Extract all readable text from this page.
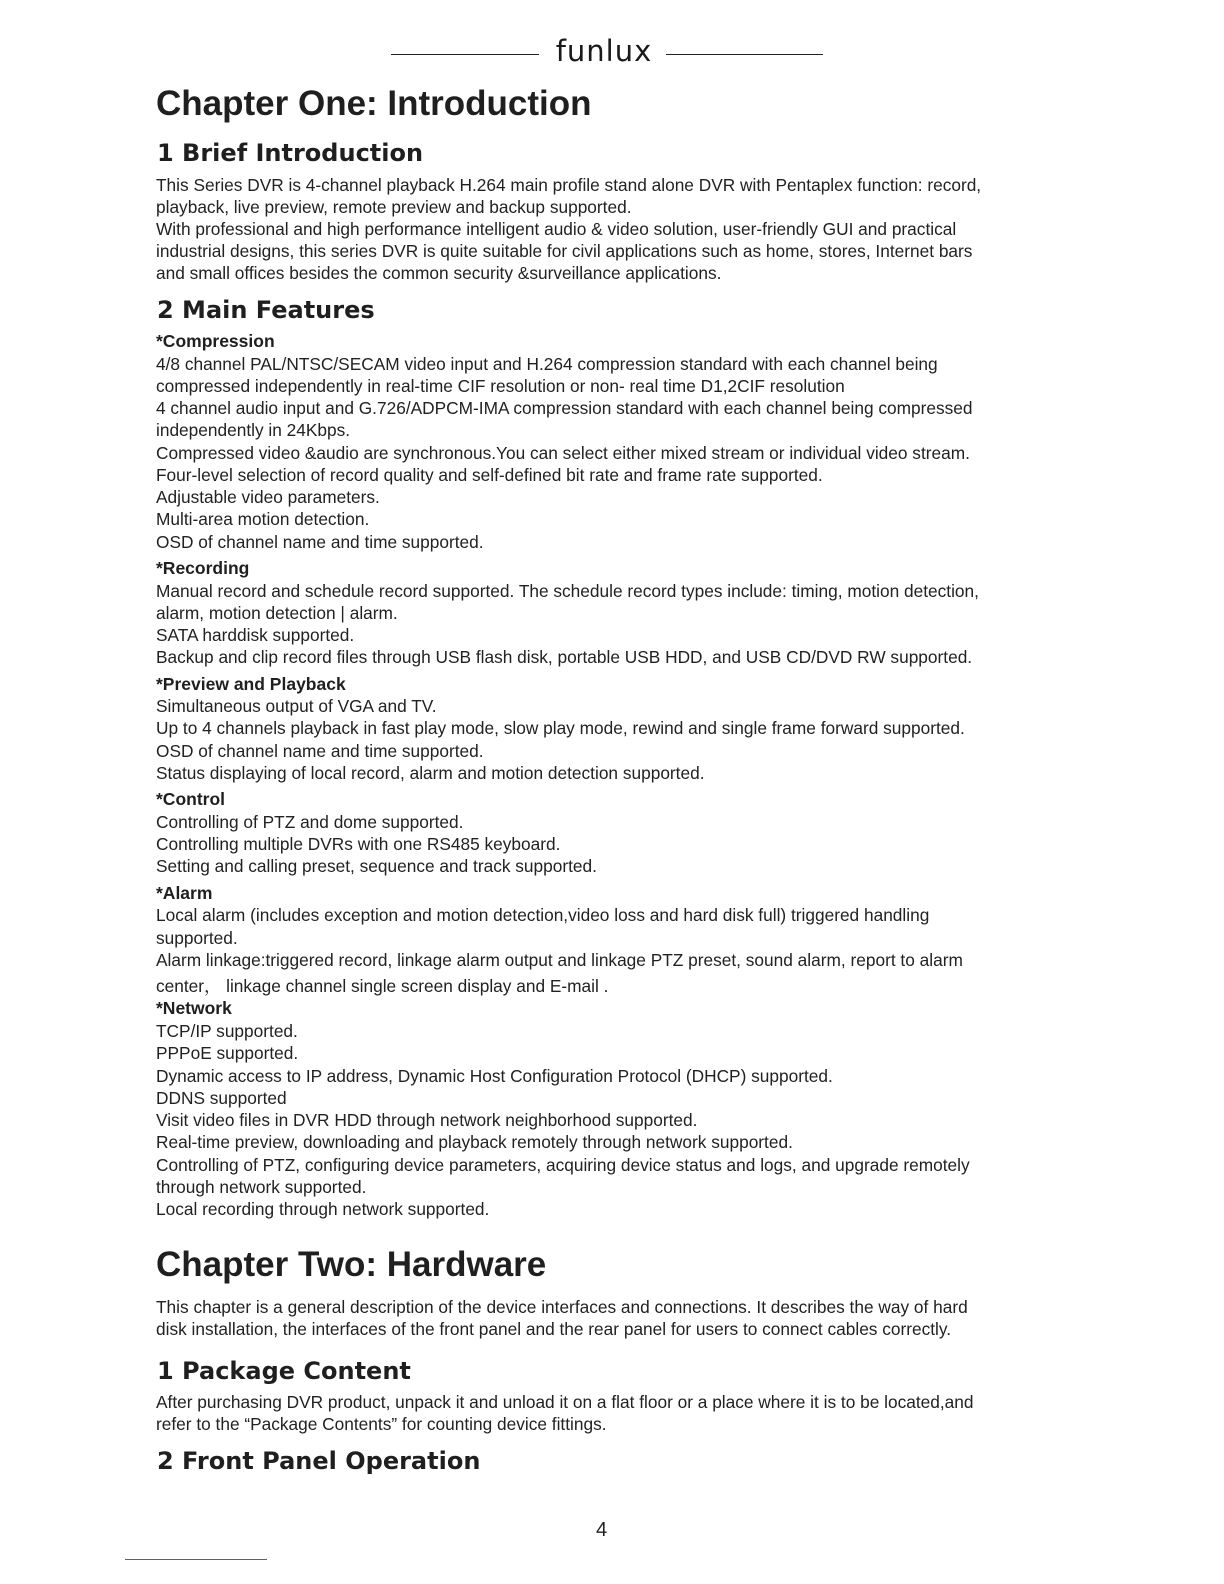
funlux
Chapter One: Introduction
1 Brief Introduction

This Series DVR is 4-channel playback H.264 main profile stand alone DVR with Pentaplex function: record,

playback, live preview, remote preview and backup supported.

With professional and high performance intelligent audio & video solution, user-friendly GUI and practical

industrial designs, this series DVR is quite suitable for civil applications such as home, stores, Internet bars

and small offices besides the common security &surveillance applications.

2 Main Features
*Compression

4/8 channel PAL/NTSC/SECAM video input and H.264 compression standard with each channel being

compressed independently in real-time CIF resolution or non- real time D1,2CIF resolution

4 channel audio input and G.726/ADPCM-IMA compression standard with each channel being compressed

independently in 24Kbps.

Compressed video &audio are synchronous.You can select either mixed stream or individual video stream.

Four-level selection of record quality and self-defined bit rate and frame rate supported.

Adjustable video parameters.

Multi-area motion detection.

OSD of channel name and time supported.

*Recording

Manual record and schedule record supported. The schedule record types include: timing, motion detection,

alarm, motion detection | alarm.

SATA harddisk supported.

Backup and clip record files through USB flash disk, portable USB HDD, and USB CD/DVD RW supported.

*Preview and Playback

Simultaneous output of VGA and TV.

Up to 4 channels playback in fast play mode, slow play mode, rewind and single frame forward supported.

OSD of channel name and time supported.

Status displaying of local record, alarm and motion detection supported.

*Control

Controlling of PTZ and dome supported.

Controlling multiple DVRs with one RS485 keyboard.

Setting and calling preset, sequence and track supported.

*Alarm

Local alarm (includes exception and motion detection,video loss and hard disk full) triggered handling

supported.

Alarm linkage:triggered record, linkage alarm output and linkage PTZ preset, sound alarm, report to alarm

center， linkage channel single screen display and E-mail .

*Network

TCP/IP supported.

PPPoE supported.

Dynamic access to IP address, Dynamic Host Configuration Protocol (DHCP) supported.

DDNS supported

Visit video files in DVR HDD through network neighborhood supported.

Real-time preview, downloading and playback remotely through network supported.

Controlling of PTZ, configuring device parameters, acquiring device status and logs, and upgrade remotely

through network supported.

Local recording through network supported.

Chapter Two: Hardware

This chapter is a general description of the device interfaces and connections. It describes the way of hard

disk installation, the interfaces of the front panel and the rear panel for users to connect cables correctly.

1 Package Content

After purchasing DVR product, unpack it and unload it on a flat floor or a place where it is to be located,and

refer to the “Package Contents” for counting device fittings.

2 Front Panel Operation
4
